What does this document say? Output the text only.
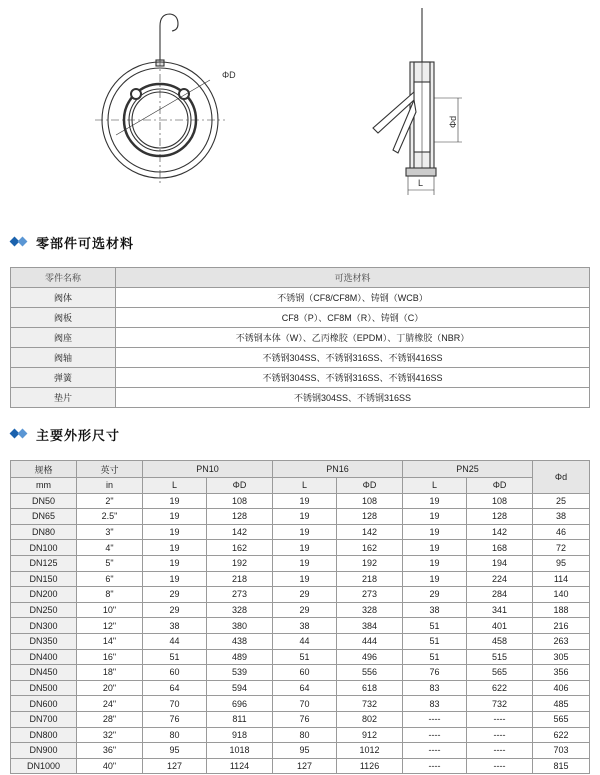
ΦD
Φd
L
零部件可选材料
零件名称	可选材料
阀体	不锈钢（CF8/CF8M）、铸钢（WCB）
阀板	CF8（P）、CF8M（R）、铸钢（C）
阀座	不锈钢本体（W）、乙丙橡胶（EPDM）、丁腈橡胶（NBR）
阀轴	不锈钢304SS、不锈钢316SS、不锈钢416SS
弹簧	不锈钢304SS、不锈钢316SS、不锈钢416SS
垫片	不锈钢304SS、不锈钢316SS
主要外形尺寸
规格	英寸	PN10		PN16		PN25		Φd
mm	in	L	ΦD	L	ΦD	L	ΦD	
DN50	2"	19	108	19	108	19	108	25
DN65	2.5"	19	128	19	128	19	128	38
DN80	3"	19	142	19	142	19	142	46
DN100	4"	19	162	19	162	19	168	72
DN125	5"	19	192	19	192	19	194	95
DN150	6"	19	218	19	218	19	224	114
DN200	8"	29	273	29	273	29	284	140
DN250	10"	29	328	29	328	38	341	188
DN300	12"	38	380	38	384	51	401	216
DN350	14"	44	438	44	444	51	458	263
DN400	16"	51	489	51	496	51	515	305
DN450	18"	60	539	60	556	76	565	356
DN500	20"	64	594	64	618	83	622	406
DN600	24"	70	696	70	732	83	732	485
DN700	28"	76	811	76	802	----	----	565
DN800	32"	80	918	80	912	----	----	622
DN900	36"	95	1018	95	1012	----	----	703
DN1000	40"	127	1124	127	1126	----	----	815
